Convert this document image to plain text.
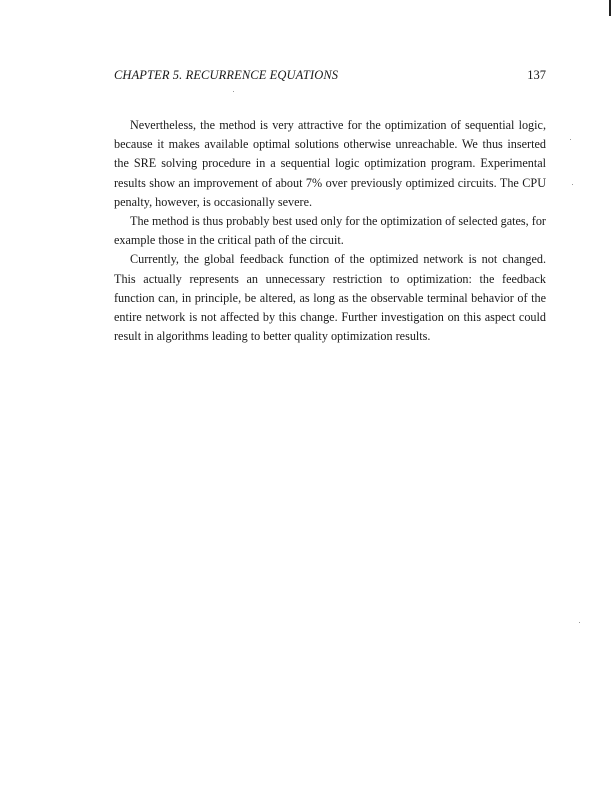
CHAPTER 5. RECURRENCE EQUATIONS	137

Nevertheless, the method is very attractive for the optimization of sequential logic, because it makes available optimal solutions otherwise unreachable. We thus inserted the SRE solving procedure in a sequential logic optimization program. Experimental results show an improvement of about 7% over previously optimized circuits. The CPU penalty, however, is occasionally severe.

The method is thus probably best used only for the optimization of selected gates, for example those in the critical path of the circuit.

Currently, the global feedback function of the optimized network is not changed. This actually represents an unnecessary restriction to optimization: the feedback function can, in principle, be altered, as long as the observable terminal behavior of the entire network is not affected by this change. Further investigation on this aspect could result in algorithms leading to better quality optimization results.
